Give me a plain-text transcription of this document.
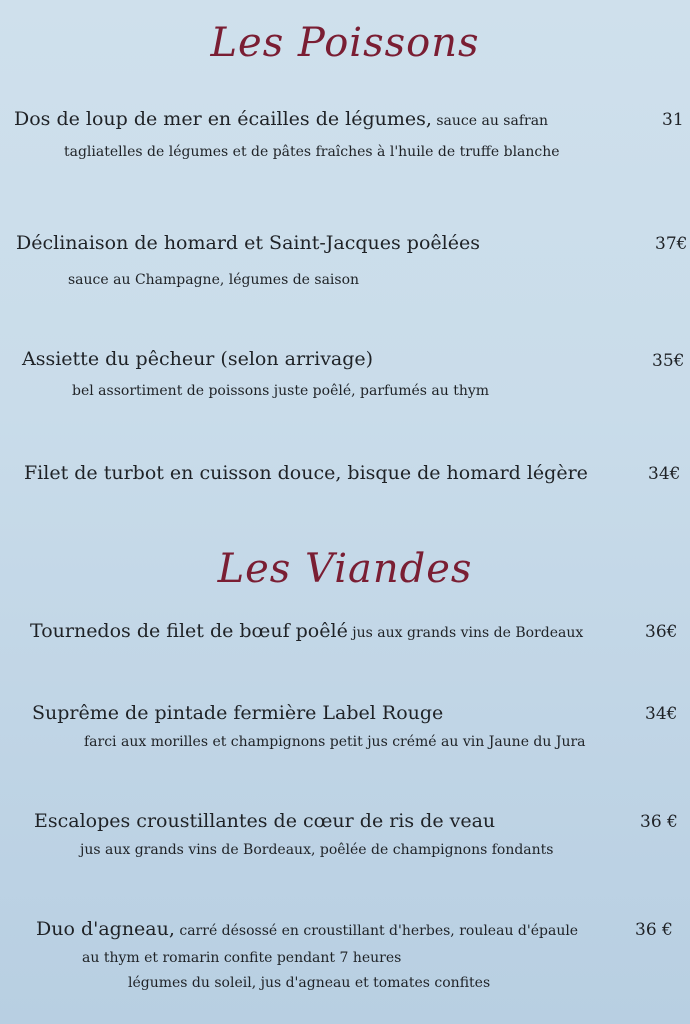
Les Poissons
Dos de loup de mer en écailles de légumes, sauce au safran	31
tagliatelles de légumes et de pâtes fraîches à l'huile de truffe blanche
Déclinaison de homard et Saint-Jacques poêlées	37€
sauce au Champagne, légumes de saison
Assiette du pêcheur (selon arrivage)	35€
bel assortiment de poissons juste poêlé, parfumés au thym
Filet de turbot en cuisson douce, bisque de homard légère	34€
Les Viandes
Tournedos de filet de bœuf poêlé jus aux grands vins de Bordeaux	36€
Suprême de pintade fermière Label Rouge	34€
farci aux morilles et champignons petit jus crémé au vin Jaune du Jura
Escalopes croustillantes de cœur de ris de veau	36 €
jus aux grands vins de Bordeaux, poêlée de champignons fondants
Duo d'agneau, carré désossé en croustillant d'herbes, rouleau d'épaule	36 €
au thym et romarin confite pendant 7 heures
légumes du soleil, jus d'agneau et tomates confites
